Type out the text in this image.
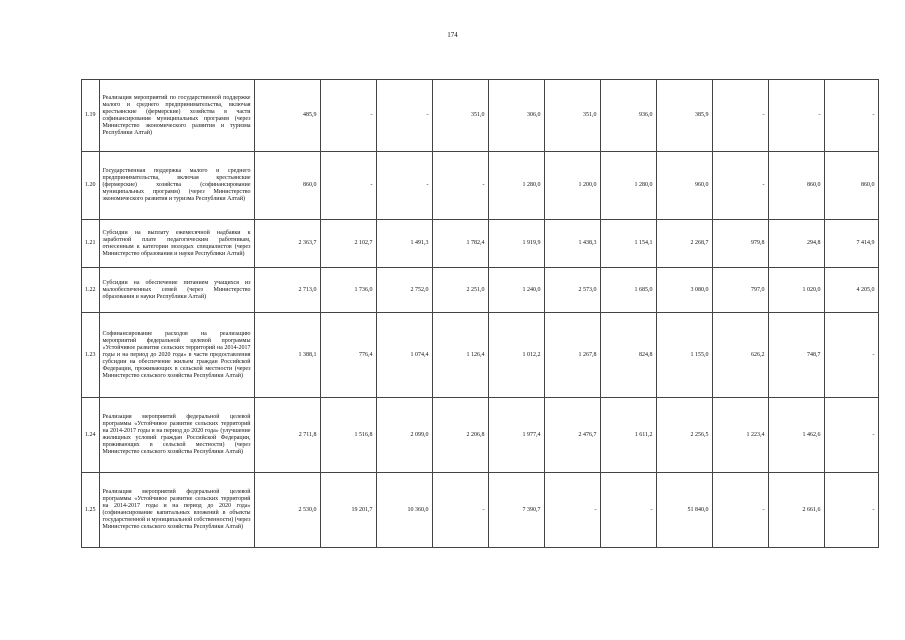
174
1.19	Реализация мероприятий по государственной поддержке малого и среднего предпринимательства, включая крестьянские (фермерские) хозяйства в части софинансирования муниципальных программ (через Министерство экономического развития и туризма Республики Алтай)	485,9	-	-	351,0	306,0	351,0	936,0	385,9	-	-	-
1.20	Государственная поддержка малого и среднего предпринимательства, включая крестьянские (фермерские) хозяйства (софинансирование муниципальных программ) (через Министерство экономического развития и туризма Республики Алтай)	860,0	-	-	-	1 280,0	1 200,0	1 280,0	960,0	-	860,0	860,0
1.21	Субсидии на выплату ежемесячной надбавки к заработной плате педагогическим работникам, отнесенным к категории молодых специалистов (через Министерство образования и науки Республики Алтай)	2 363,7	2 102,7	1 491,3	1 782,4	1 919,9	1 438,3	1 154,1	2 268,7	979,8	294,8	7 414,9
1.22	Субсидии на обеспечение питанием учащихся из малообеспеченных семей (через Министерство образования и науки Республики Алтай)	2 713,0	1 736,0	2 752,0	2 251,0	1 240,0	2 573,0	1 685,0	3 080,0	797,0	1 020,0	4 205,0
1.23	Софинансирование расходов на реализацию мероприятий федеральной целевой программы «Устойчивое развитие сельских территорий на 2014-2017 годы и на период до 2020 года» в части предоставления субсидии на обеспечение жильем граждан Российской Федерации, проживающих в сельской местности (через Министерство сельского хозяйства Республики Алтай)	1 388,1	776,4	1 074,4	1 126,4	1 012,2	1 267,8	824,8	1 155,0	626,2	748,7	-
1.24	Реализация мероприятий федеральной целевой программы «Устойчивое развитие сельских территорий на 2014-2017 годы и на период до 2020 года» (улучшение жилищных условий граждан Российской Федерации, проживающих в сельской местности) (через Министерство сельского хозяйства Республики Алтай)	2 711,8	1 516,8	2 099,0	2 206,8	1 977,4	2 476,7	1 611,2	2 256,5	1 223,4	1 462,6	-
1.25	Реализация мероприятий федеральной целевой программы «Устойчивое развитие сельских территорий на 2014-2017 годы и на период до 2020 года» (софинансирование капитальных вложений в объекты государственной и муниципальной собственности) (через Министерство сельского хозяйства Республики Алтай)	2 530,0	19 201,7	10 360,0	-	7 390,7	-	-	51 840,0	-	2 661,6	-
